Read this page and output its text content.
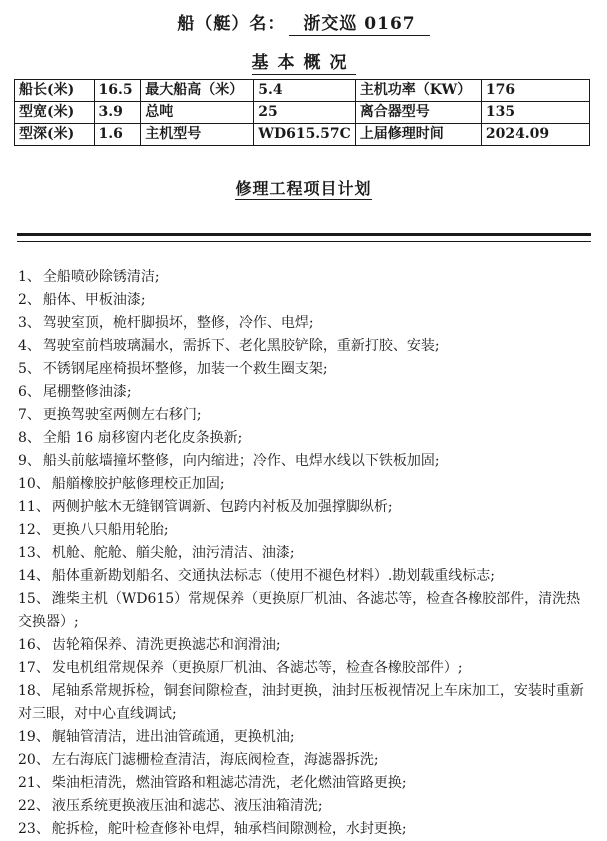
船（艇）名： 浙交巡 0167
基本概况
船长(米)	16.5	最大船高（米）	5.4	主机功率（KW）	176
型宽(米)	3.9	总吨	25	离合器型号	135
型深(米)	1.6	主机型号	WD615.57C	上届修理时间	2024.09
修理工程项目计划
1、 全船喷砂除锈清洁;
2、 船体、甲板油漆;
3、 驾驶室顶，桅杆脚损坏，整修，冷作、电焊;
4、 驾驶室前档玻璃漏水，需拆下、老化黑胶铲除，重新打胶、安装;
5、 不锈钢尾座椅损坏整修，加装一个救生圈支架;
6、 尾棚整修油漆;
7、 更换驾驶室两侧左右移门;
8、 全船 16 扇移窗内老化皮条换新;
9、 船头前舷墙撞坏整修，向内缩进；冷作、电焊水线以下铁板加固;
10、 船艏橡胶护舷修理校正加固;
11、 两侧护舷木无缝钢管调新、包跨内衬板及加强撑脚纵析;
12、 更换八只船用轮胎;
13、 机舱、舵舱、艏尖舱，油污清洁、油漆;
14、 船体重新勘划船名、交通执法标志（使用不褪色材料）.勘划载重线标志;
15、 潍柴主机（WD615）常规保养（更换原厂机油、各滤芯等，检查各橡胶部件，清洗热交换器）;
16、 齿轮箱保养、清洗更换滤芯和润滑油;
17、 发电机组常规保养（更换原厂机油、各滤芯等，检查各橡胶部件）;
18、 尾轴系常规拆检，铜套间隙检查，油封更换，油封压板视情况上车床加工，安装时重新对三眼，对中心直线调试;
19、 艉轴管清洁，进出油管疏通，更换机油;
20、 左右海底门滤栅检查清洁，海底阀检查，海滤器拆洗;
21、 柴油柜清洗，燃油管路和粗滤芯清洗，老化燃油管路更换;
22、 液压系统更换液压油和滤芯、液压油箱清洗;
23、 舵拆检，舵叶检查修补电焊，轴承档间隙测检，水封更换;
